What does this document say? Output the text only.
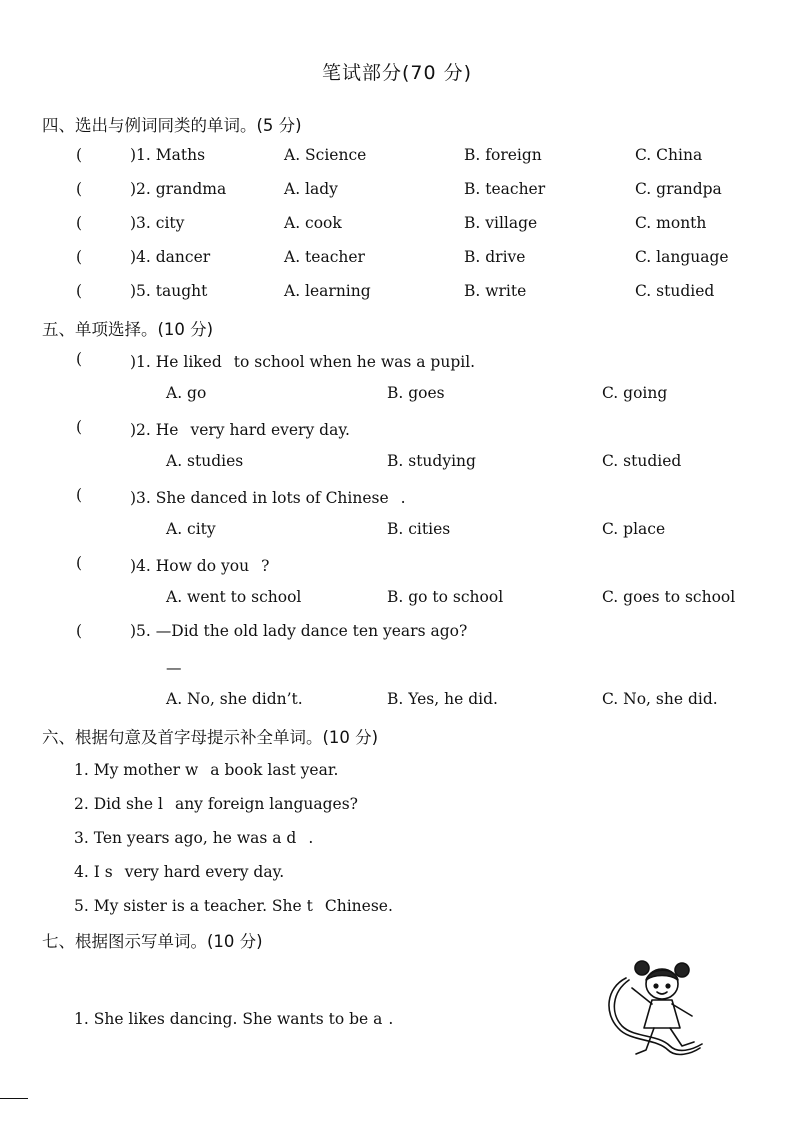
笔试部分(70 分)
四、选出与例词同类的单词。(5 分)
(	)1. Maths	A. Science	B. foreign	C. China
(	)2. grandma	A. lady	B. teacher	C. grandpa
(	)3. city	A. cook	B. village	C. month
(	)4. dancer	A. teacher	B. drive	C. language
(	)5. taught	A. learning	B. write	C. studied
五、单项选择。(10 分)
(	)1. He liked to school when he was a pupil.
A. go	B. goes	C. going
(	)2. He very hard every day.
A. studies	B. studying	C. studied
(	)3. She danced in lots of Chinese .
A. city	B. cities	C. place
(	)4. How do you ?
A. went to school	B. go to school	C. goes to school
(	)5. —Did the old lady dance ten years ago?
—
A. No, she didn’t.	B. Yes, he did.	C. No, she did.
六、根据句意及首字母提示补全单词。(10 分)
1. My mother w a book last year.
2. Did she l any foreign languages?
3. Ten years ago, he was a d .
4. I s very hard every day.
5. My sister is a teacher. She t Chinese.
七、根据图示写单词。(10 分)
1. She likes dancing. She wants to be a .
